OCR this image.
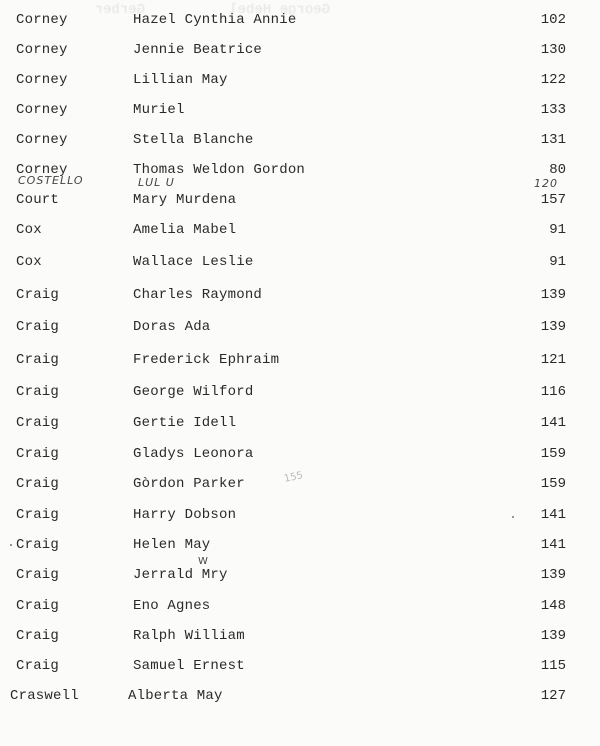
Gerber	George Hebel
Corney	Hazel Cynthia Annie	102
Corney	Jennie Beatrice	130
Corney	Lillian May	122
Corney	Muriel	133
Corney	Stella Blanche	131
Corney	Thomas Weldon Gordon	80
Court	Mary Murdena	157
Cox	Amelia Mabel	91
Cox	Wallace Leslie	91
Craig	Charles Raymond	139
Craig	Doras Ada	139
Craig	Frederick Ephraim	121
Craig	George Wilford	116
Craig	Gertie Idell	141
Craig	Gladys Leonora	159
Craig	Gòrdon Parker	159
Craig	Harry Dobson	141
Craig	Helen May	141
Craig	Jerrald Mry	139
Craig	Eno Agnes	148
Craig	Ralph William	139
Craig	Samuel Ernest	115
Craswell	Alberta May	127
COSTELLO	LUL U	120
W
155
